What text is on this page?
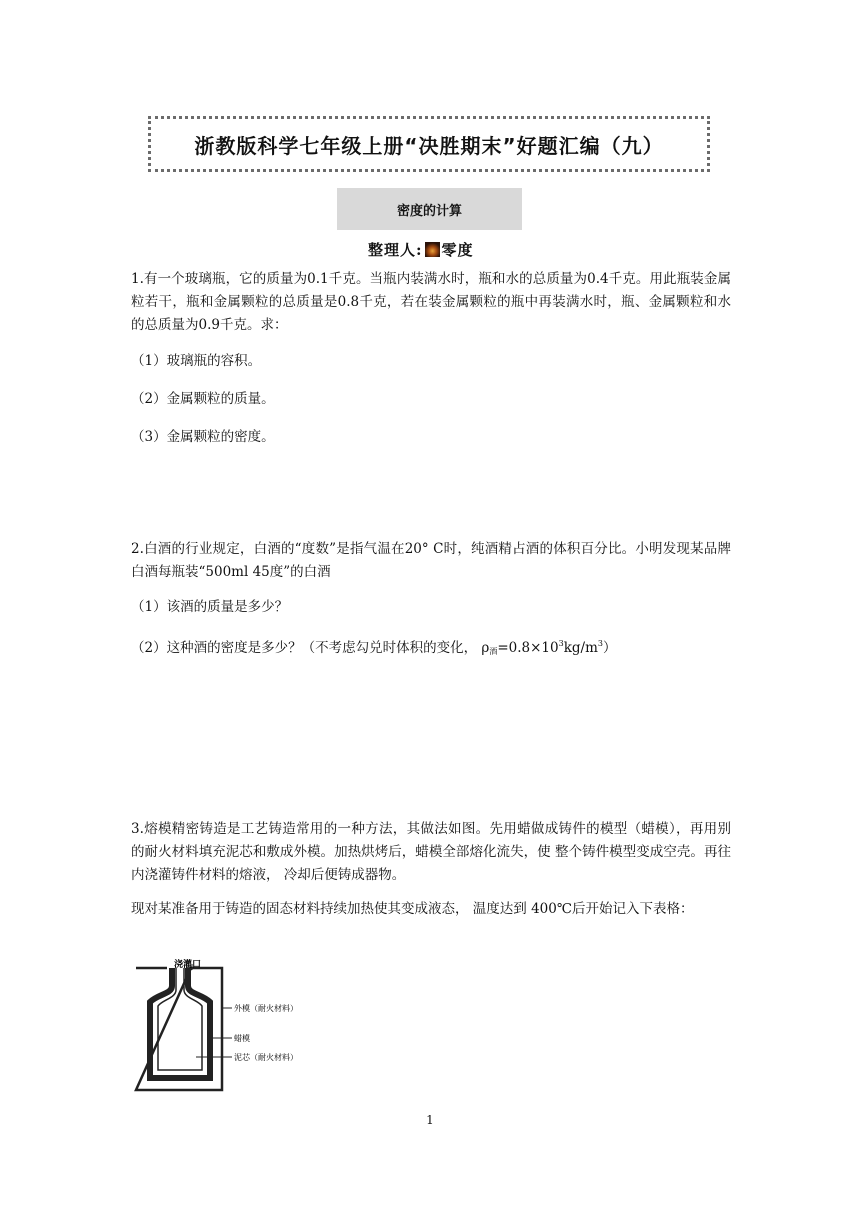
浙教版科学七年级上册“决胜期末”好题汇编（九）
密度的计算
整理人: 零度
1.有一个玻璃瓶，它的质量为0.1千克。当瓶内装满水时，瓶和水的总质量为0.4千克。用此瓶装金属粒若干，瓶和金属颗粒的总质量是0.8千克，若在装金属颗粒的瓶中再装满水时，瓶、金属颗粒和水的总质量为0.9千克。求：
（1）玻璃瓶的容积。
（2）金属颗粒的质量。
（3）金属颗粒的密度。
2.白酒的行业规定，白酒的“度数”是指气温在20° C时，纯酒精占酒的体积百分比。小明发现某品牌白酒每瓶装“500ml 45度”的白酒
（1）该酒的质量是多少？
（2）这种酒的密度是多少？（不考虑勾兑时体积的变化， $\rho_酒=0.8\times 10^3kg/m^3$）
3.熔模精密铸造是工艺铸造常用的一种方法，其做法如图。先用蜡做成铸件的模型（蜡模），再用别的耐火材料填充泥芯和敷成外模。加热烘烤后，蜡模全部熔化流失，使 整个铸件模型变成空壳。再往内浇灌铸件材料的熔液， 冷却后便铸成器物。
现对某准备用于铸造的固态材料持续加热使其变成液态， 温度达到 400℃后开始记入下表格：
浇灌口
外模（耐火材料）
蜡模
泥芯（耐火材料）
1
